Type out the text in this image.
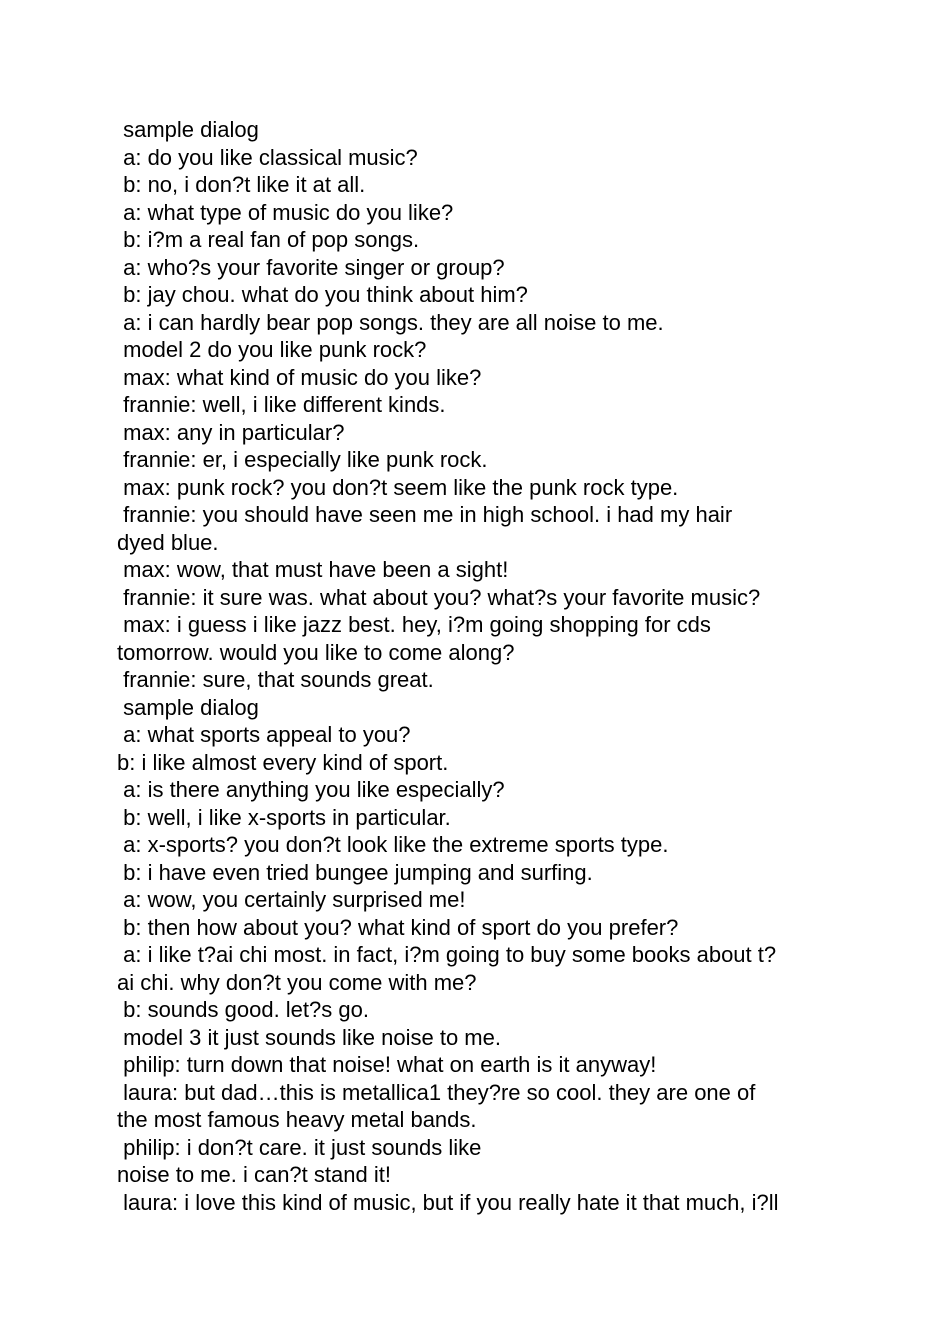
sample dialog
a: do you like classical music?
b: no, i don?t like it at all.
a: what type of music do you like?
b: i?m a real fan of pop songs.
a: who?s your favorite singer or group?
b: jay chou. what do you think about him?
a: i can hardly bear pop songs. they are all noise to me.
model 2 do you like punk rock?
max: what kind of music do you like?
frannie: well, i like different kinds.
max: any in particular?
frannie: er, i especially like punk rock.
max: punk rock? you don?t seem like the punk rock type.
frannie: you should have seen me in high school. i had my hair
dyed blue.
max: wow, that must have been a sight!
frannie: it sure was. what about you? what?s your favorite music?
max: i guess i like jazz best. hey, i?m going shopping for cds
tomorrow. would you like to come along?
frannie: sure, that sounds great.
sample dialog
a: what sports appeal to you?
b: i like almost every kind of sport.
a: is there anything you like especially?
b: well, i like x-sports in particular.
a: x-sports? you don?t look like the extreme sports type.
b: i have even tried bungee jumping and surfing.
a: wow, you certainly surprised me!
b: then how about you? what kind of sport do you prefer?
a: i like t?ai chi most. in fact, i?m going to buy some books about t?
ai chi. why don?t you come with me?
b: sounds good. let?s go.
model 3 it just sounds like noise to me.
philip: turn down that noise! what on earth is it anyway!
laura: but dad…this is metallica1 they?re so cool. they are one of
the most famous heavy metal bands.
philip: i don?t care. it just sounds like
noise to me. i can?t stand it!
laura: i love this kind of music, but if you really hate it that much, i?ll
